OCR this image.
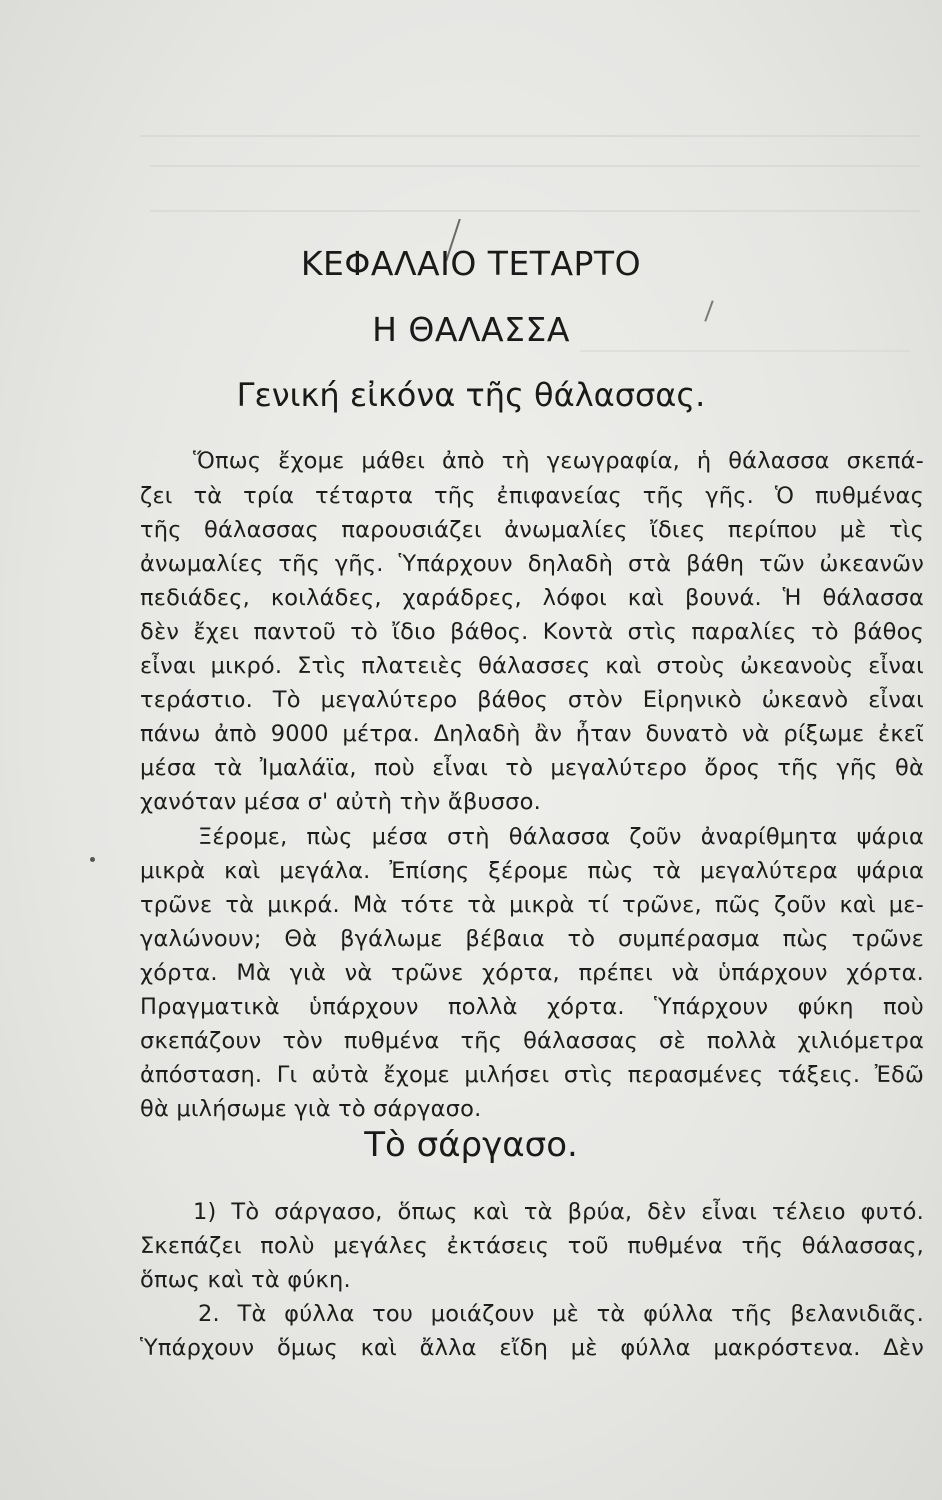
ΚΕΦΑΛΑΙΟ ΤΕΤΑΡΤΟ
Η ΘΑΛΑΣΣΑ
Γενική εἰκόνα τῆς θάλασσας.
Ὅπως ἔχομε μάθει ἀπὸ τὴ γεωγραφία, ἡ θάλασσα σκεπά-
ζει τὰ τρία τέταρτα τῆς ἐπιφανείας τῆς γῆς. Ὁ πυθμένας
τῆς θάλασσας παρουσιάζει ἀνωμαλίες ἴδιες περίπου μὲ τὶς
ἀνωμαλίες τῆς γῆς. Ὑπάρχουν δηλαδὴ στὰ βάθη τῶν ὠκεανῶν
πεδιάδες, κοιλάδες, χαράδρες, λόφοι καὶ βουνά. Ἡ θάλασσα
δὲν ἔχει παντοῦ τὸ ἴδιο βάθος. Κοντὰ στὶς παραλίες τὸ βάθος
εἶναι μικρό. Στὶς πλατειὲς θάλασσες καὶ στοὺς ὠκεανοὺς εἶναι
τεράστιο. Τὸ μεγαλύτερο βάθος στὸν Εἰρηνικὸ ὠκεανὸ εἶναι
πάνω ἀπὸ 9000 μέτρα. Δηλαδὴ ἂν ἦταν δυνατὸ νὰ ρίξωμε ἐκεῖ
μέσα τὰ Ἰμαλάϊα, ποὺ εἶναι τὸ μεγαλύτερο ὄρος τῆς γῆς θὰ
χανόταν μέσα σ' αὐτὴ τὴν ἄβυσσο.
Ξέρομε, πὼς μέσα στὴ θάλασσα ζοῦν ἀναρίθμητα ψάρια
μικρὰ καὶ μεγάλα. Ἐπίσης ξέρομε πὼς τὰ μεγαλύτερα ψάρια
τρῶνε τὰ μικρά. Μὰ τότε τὰ μικρὰ τί τρῶνε, πῶς ζοῦν καὶ με-
γαλώνουν; Θὰ βγάλωμε βέβαια τὸ συμπέρασμα πὼς τρῶνε
χόρτα. Μὰ γιὰ νὰ τρῶνε χόρτα, πρέπει νὰ ὑπάρχουν χόρτα.
Πραγματικὰ ὑπάρχουν πολλὰ χόρτα. Ὑπάρχουν φύκη ποὺ
σκεπάζουν τὸν πυθμένα τῆς θάλασσας σὲ πολλὰ χιλιόμετρα
ἀπόσταση. Γι αὐτὰ ἔχομε μιλήσει στὶς περασμένες τάξεις. Ἐδῶ
θὰ μιλήσωμε γιὰ τὸ σάργασο.
Τὸ σάργασο.
1) Τὸ σάργασο, ὅπως καὶ τὰ βρύα, δὲν εἶναι τέλειο φυτό.
Σκεπάζει πολὺ μεγάλες ἐκτάσεις τοῦ πυθμένα τῆς θάλασσας,
ὅπως καὶ τὰ φύκη.
2. Τὰ φύλλα του μοιάζουν μὲ τὰ φύλλα τῆς βελανιδιᾶς.
Ὑπάρχουν ὅμως καὶ ἄλλα εἴδη μὲ φύλλα μακρόστενα. Δὲν
